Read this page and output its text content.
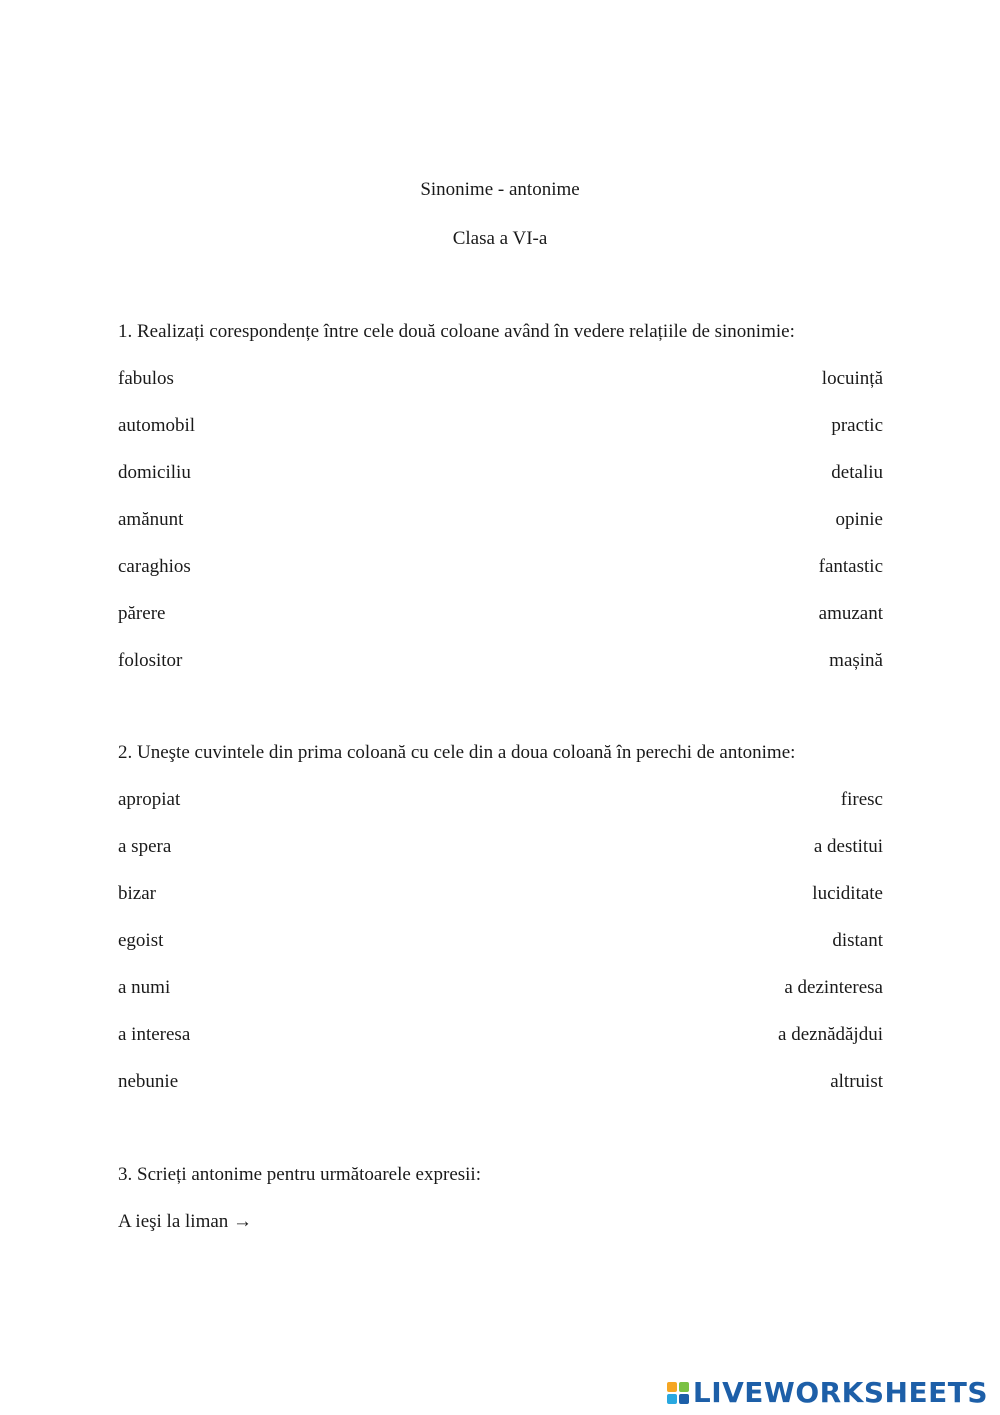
Sinonime - antonime
Clasa a VI-a

1. Realizați corespondențe între cele două coloane având în vedere relațiile de sinonimie:

fabulos	locuință
automobil	practic
domiciliu	detaliu
amănunt	opinie
caraghios	fantastic
părere	amuzant
folositor	mașină

2. Uneşte cuvintele din prima coloană cu cele din a doua coloană în perechi de antonime:

apropiat	firesc
a spera	a destitui
bizar	luciditate
egoist	distant
a numi	a dezinteresa
a interesa	a deznădăjdui
nebunie	altruist

3. Scrieți antonime pentru următoarele expresii:

A ieşi la liman →
LIVEWORKSHEETS
